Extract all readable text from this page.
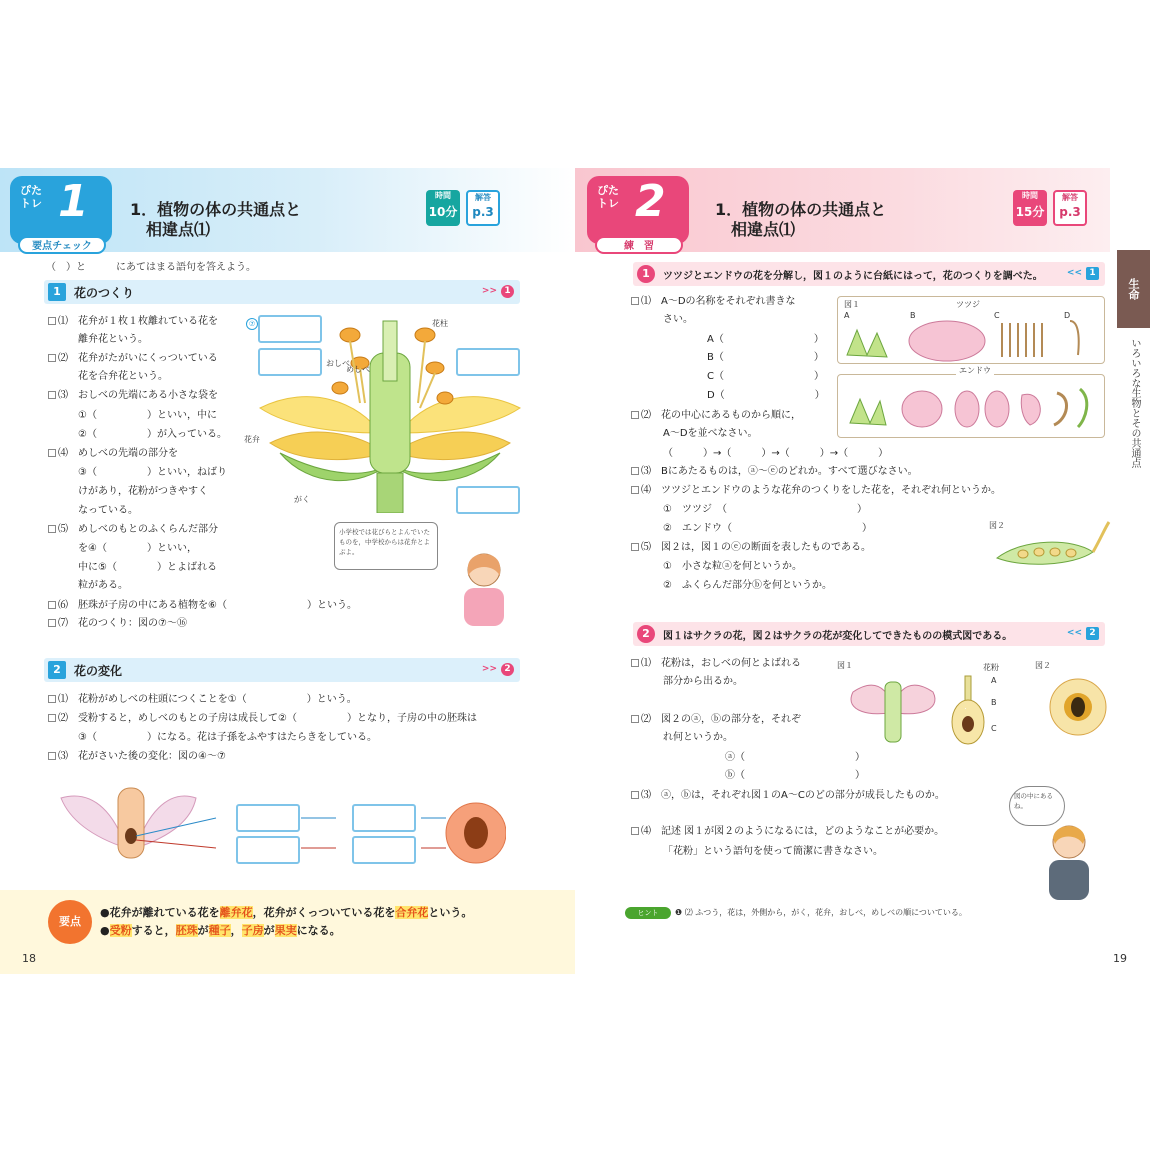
ぴた トレ 1
要点チェック
1．植物の体の共通点と
相違点⑴
時間
10分
解答
p.3
（　）と　　　にあてはまる語句を答えよう。
1	花のつくり	>> 1
⑴　花弁が１枚１枚離れている花を
離弁花という。
⑵　花弁がたがいにくっついている
花を合弁花という。
⑶　おしべの先端にある小さな袋を
①（　　　　　）といい，中に
②（　　　　　）が入っている。
⑷　めしべの先端の部分を
③（　　　　　）といい，ねばり
けがあり，花粉がつきやすく
なっている。
⑸　めしべのもとのふくらんだ部分
を④（　　　　）といい，
中に⑤（　　　　）とよばれる
粒がある。
⑹　胚珠が子房の中にある植物を⑥（　　　　　　　　）という。
⑺　花のつくり：図の⑦〜⑯
花柱
おしべ
めしべ
花弁
がく
⑦
小学校では花びらとよんでいたものを，中学校からは花弁とよぶよ。
2	花の変化	>> 2
⑴　花粉がめしべの柱頭につくことを①（　　　　　　）という。
⑵　受粉すると，めしべのもとの子房は成長して②（　　　　　）となり，子房の中の胚珠は
③（　　　　　）になる。花は子孫をふやすはたらきをしている。
⑶　花がさいた後の変化：図の④〜⑦
要点
●花弁が離れている花を離弁花，花弁がくっついている花を合弁花という。
●受粉すると，胚珠が種子，子房が果実になる。
18
ぴた トレ 2
練　習
1．植物の体の共通点と
相違点⑴
時間
15分
解答
p.3
生命
いろいろな生物とその共通点
1	ツツジとエンドウの花を分解し，図１のように台紙にはって，花のつくりを調べた。	<< 1
⑴　A〜Dの名称をそれぞれ書きな
さい。
A（　　　　　　　　　）
B（　　　　　　　　　）
C（　　　　　　　　　）
D（　　　　　　　　　）
⑵　花の中心にあるものから順に，
A〜Dを並べなさい。
（　　　）→（　　　）→（　　　）→（　　　）
⑶　Bにあたるものは，ⓐ〜ⓔのどれか。すべて選びなさい。
⑷　ツツジとエンドウのような花弁のつくりをした花を，それぞれ何というか。
①　ツツジ　（　　　　　　　　　　　　　）
②　エンドウ（　　　　　　　　　　　　　）
⑸　図２は，図１のⓔの断面を表したものである。
①　小さな粒ⓐを何というか。
②　ふくらんだ部分ⓑを何というか。
図１	ツツジ
A	B	C	D
エンドウ
図２
2	図１はサクラの花，図２はサクラの花が変化してできたものの模式図である。	<< 2
⑴　花粉は，おしべの何とよばれる
部分から出るか。
⑵　図２のⓐ，ⓑの部分を，それぞ
れ何というか。
ⓐ（　　　　　　　　　　　）
ⓑ（　　　　　　　　　　　）
⑶　ⓐ，ⓑは，それぞれ図１のA〜Cのどの部分が成長したものか。
⑷　記述 図１が図２のようになるには，どのようなことが必要か。
「花粉」という語句を使って簡潔に書きなさい。
図１	図２
花粉
A
B
C
図の中にあるね。
ヒント ❶ ⑵ ふつう，花は，外側から，がく，花弁，おしべ，めしべの順についている。
19
